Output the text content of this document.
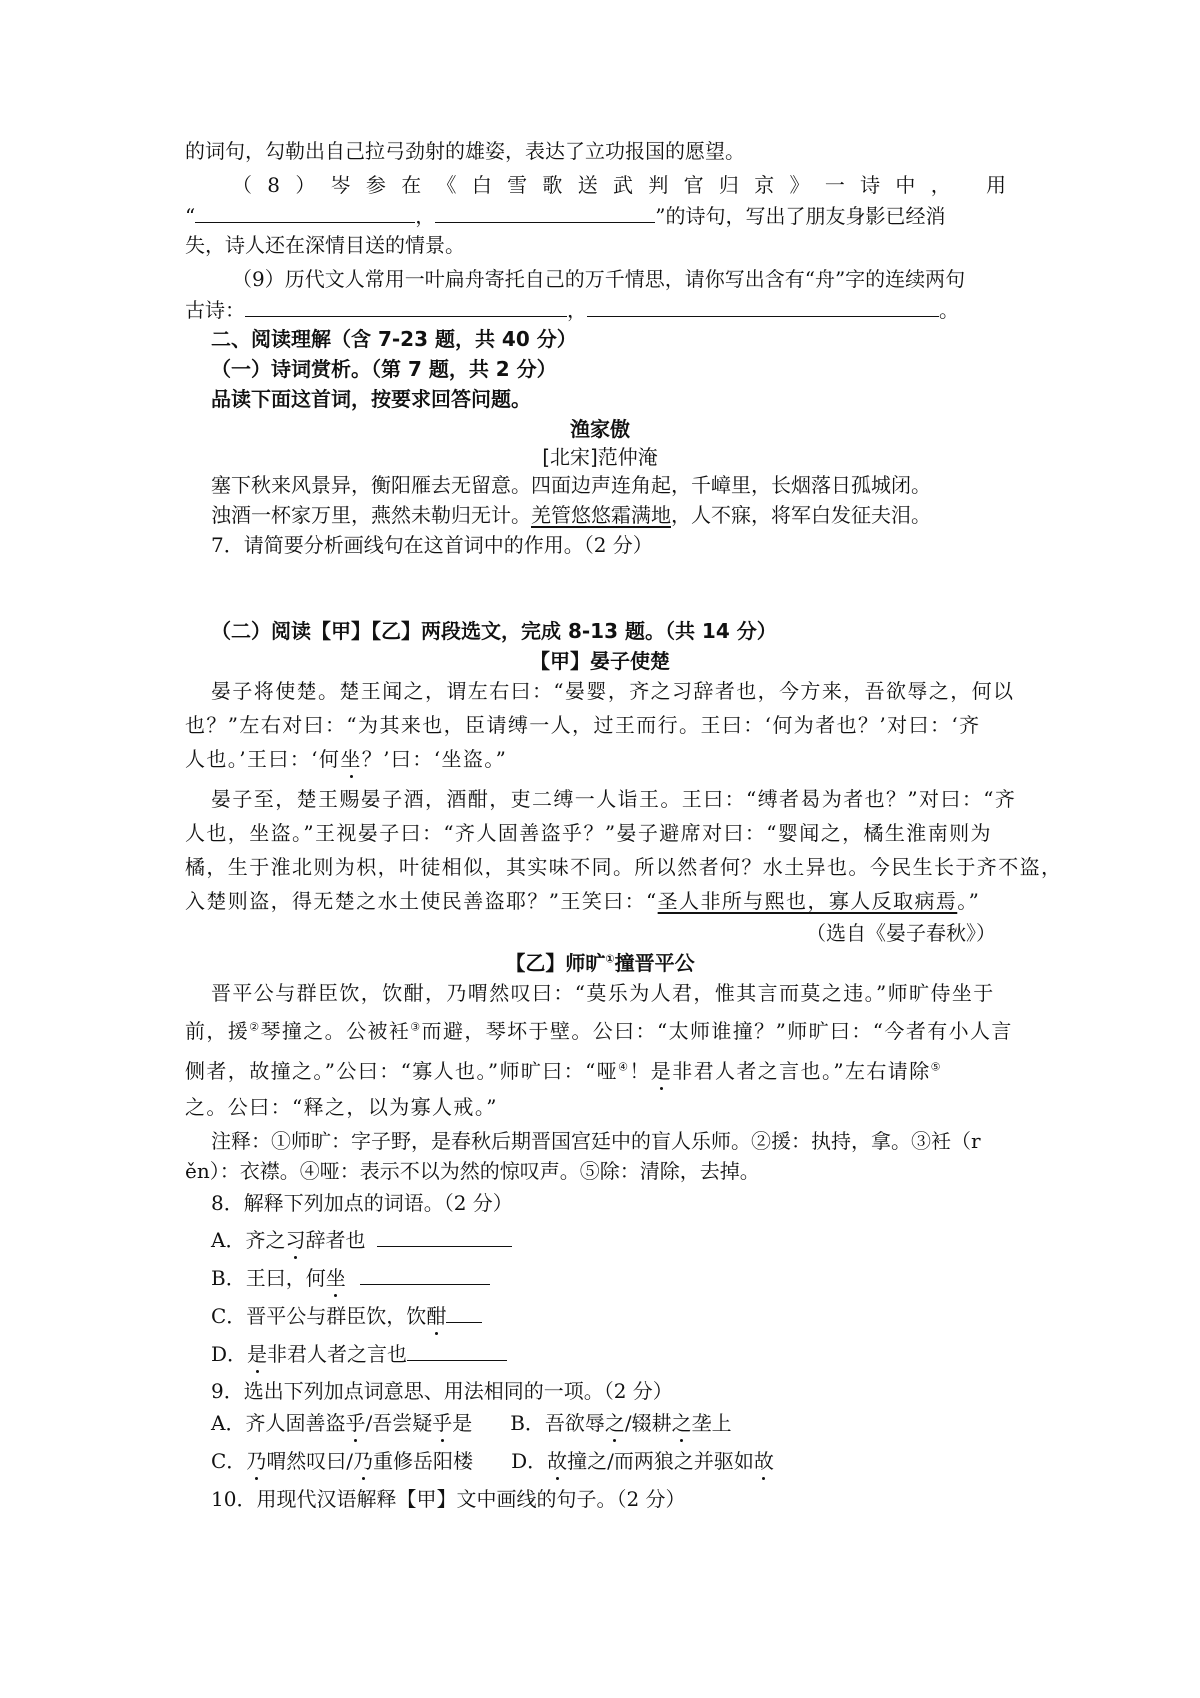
的词句，勾勒出自己拉弓劲射的雄姿，表达了立功报国的愿望。
（8）岑参在《白雪歌送武判官归京》一诗中， 用
“	，	”的诗句，写出了朋友身影已经消
失，诗人还在深情目送的情景。
（9）历代文人常用一叶扁舟寄托自己的万千情思，请你写出含有“舟”字的连续两句
古诗：	，	。
二、阅读理解（含 7-23 题，共 40 分）
（一）诗词赏析。（第 7 题，共 2 分）
品读下面这首词，按要求回答问题。
渔家傲
[北宋]范仲淹
塞下秋来风景异，衡阳雁去无留意。四面边声连角起，千嶂里，长烟落日孤城闭。
浊酒一杯家万里，燕然未勒归无计。羌管悠悠霜满地，人不寐，将军白发征夫泪。
7．请简要分析画线句在这首词中的作用。（2 分）
（二）阅读【甲】【乙】两段选文，完成 8-13 题。（共 14 分）
【甲】晏子使楚
晏子将使楚。楚王闻之，谓左右曰：“晏婴，齐之习辞者也，今方来，吾欲辱之，何以
也？”左右对曰：“为其来也，臣请缚一人，过王而行。王曰：‘何为者也？’对曰：‘齐
人也。’王曰：‘何坐？’曰：‘坐盗。”
晏子至，楚王赐晏子酒，酒酣，吏二缚一人诣王。王曰：“缚者曷为者也？”对曰：“齐
人也，坐盗。”王视晏子曰：“齐人固善盗乎？”晏子避席对曰：“婴闻之，橘生淮南则为
橘，生于淮北则为枳，叶徒相似，其实味不同。所以然者何？水土异也。今民生长于齐不盗，
入楚则盗，得无楚之水土使民善盗耶？”王笑曰：“圣人非所与熙也，寡人反取病焉。”
（选自《晏子春秋》）
【乙】师旷①撞晋平公
晋平公与群臣饮，饮酣，乃喟然叹曰：“莫乐为人君，惟其言而莫之违。”师旷侍坐于
前，援②琴撞之。公被衽③而避，琴坏于壁。公曰：“太师谁撞？”师旷曰：“今者有小人言
侧者，故撞之。”公曰：“寡人也。”师旷曰：“哑④！是非君人者之言也。”左右请除⑤
之。公曰：“释之，以为寡人戒。”
注释：①师旷：字子野，是春秋后期晋国宫廷中的盲人乐师。②援：执持，拿。③衽（r
ěn）：衣襟。④哑：表示不以为然的惊叹声。⑤除：清除，去掉。
8．解释下列加点的词语。（2 分）
A．齐之习辞者也
B．王曰，何坐
C．晋平公与群臣饮，饮酣
D．是非君人者之言也
9．选出下列加点词意思、用法相同的一项。（2 分）
A．齐人固善盗乎/吾尝疑乎是 B．吾欲辱之/辍耕之垄上
C．乃喟然叹曰/乃重修岳阳楼 D．故撞之/而两狼之并驱如故
10．用现代汉语解释【甲】文中画线的句子。（2 分）
